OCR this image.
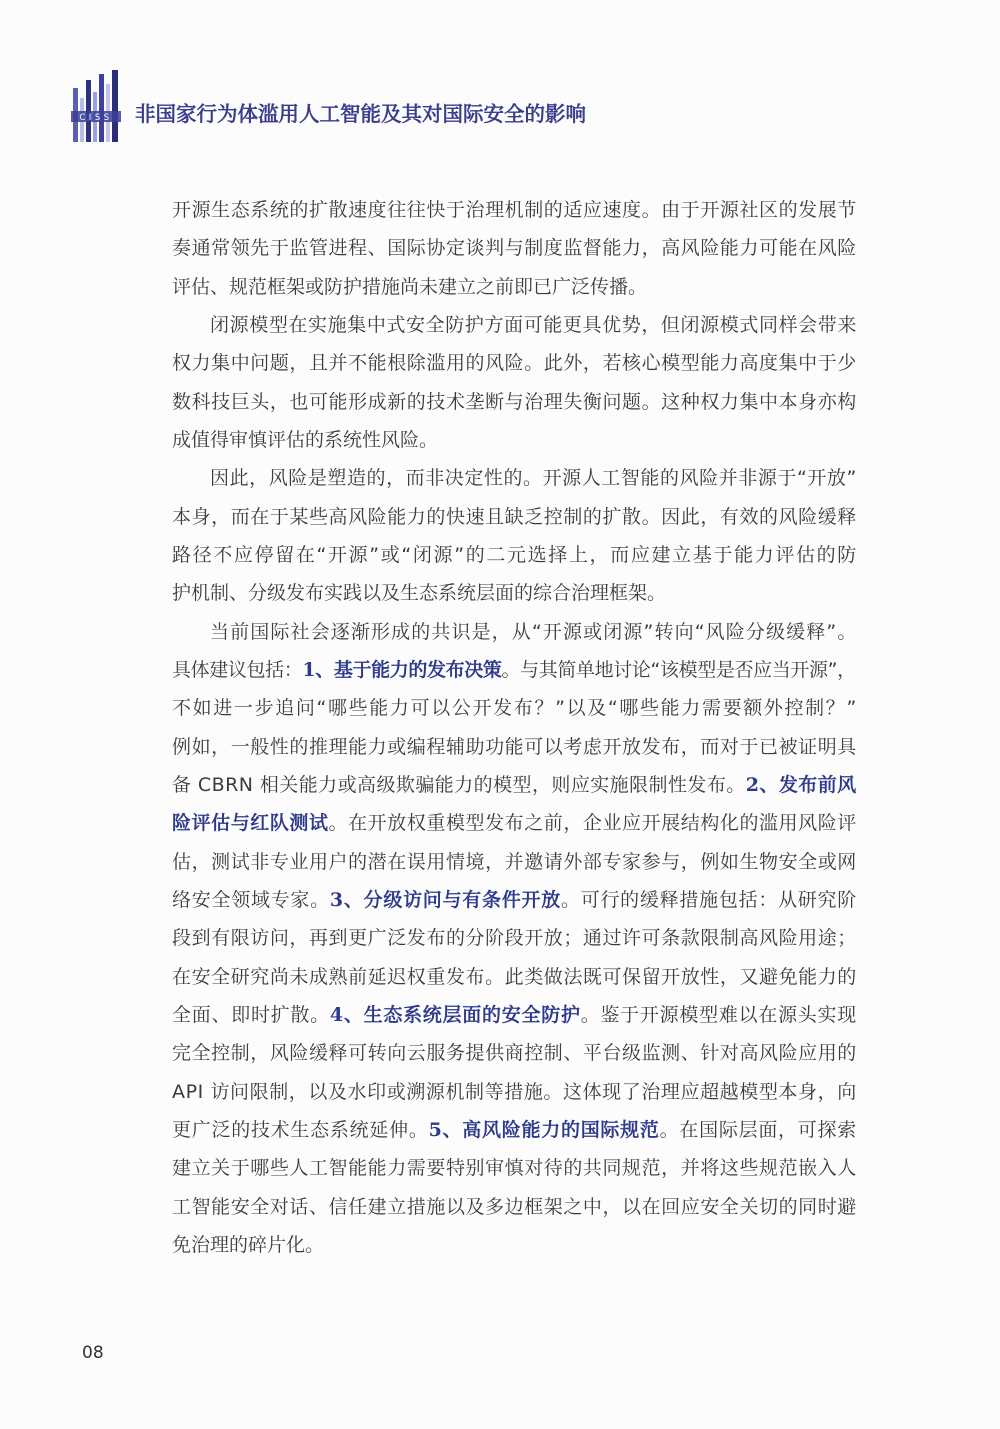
CISS 非国家行为体滥用人工智能及其对国际安全的影响
开源生态系统的扩散速度往往快于治理机制的适应速度。由于开源社区的发展节
奏通常领先于监管进程、国际协定谈判与制度监督能力，高风险能力可能在风险
评估、规范框架或防护措施尚未建立之前即已广泛传播。
闭源模型在实施集中式安全防护方面可能更具优势，但闭源模式同样会带来
权力集中问题，且并不能根除滥用的风险。此外，若核心模型能力高度集中于少
数科技巨头，也可能形成新的技术垄断与治理失衡问题。这种权力集中本身亦构
成值得审慎评估的系统性风险。
因此，风险是塑造的，而非决定性的。开源人工智能的风险并非源于“开放”
本身，而在于某些高风险能力的快速且缺乏控制的扩散。因此，有效的风险缓释
路径不应停留在“开源”或“闭源”的二元选择上，而应建立基于能力评估的防
护机制、分级发布实践以及生态系统层面的综合治理框架。
当前国际社会逐渐形成的共识是，从“开源或闭源”转向“风险分级缓释”。
具体建议包括：1、基于能力的发布决策。与其简单地讨论“该模型是否应当开源”，
不如进一步追问“哪些能力可以公开发布？”以及“哪些能力需要额外控制？”
例如，一般性的推理能力或编程辅助功能可以考虑开放发布，而对于已被证明具
备 CBRN 相关能力或高级欺骗能力的模型，则应实施限制性发布。2、发布前风
险评估与红队测试。在开放权重模型发布之前，企业应开展结构化的滥用风险评
估，测试非专业用户的潜在误用情境，并邀请外部专家参与，例如生物安全或网
络安全领域专家。3、分级访问与有条件开放。可行的缓释措施包括：从研究阶
段到有限访问，再到更广泛发布的分阶段开放；通过许可条款限制高风险用途；
在安全研究尚未成熟前延迟权重发布。此类做法既可保留开放性，又避免能力的
全面、即时扩散。4、生态系统层面的安全防护。鉴于开源模型难以在源头实现
完全控制，风险缓释可转向云服务提供商控制、平台级监测、针对高风险应用的
API 访问限制，以及水印或溯源机制等措施。这体现了治理应超越模型本身，向
更广泛的技术生态系统延伸。5、高风险能力的国际规范。在国际层面，可探索
建立关于哪些人工智能能力需要特别审慎对待的共同规范，并将这些规范嵌入人
工智能安全对话、信任建立措施以及多边框架之中，以在回应安全关切的同时避
免治理的碎片化。
08
